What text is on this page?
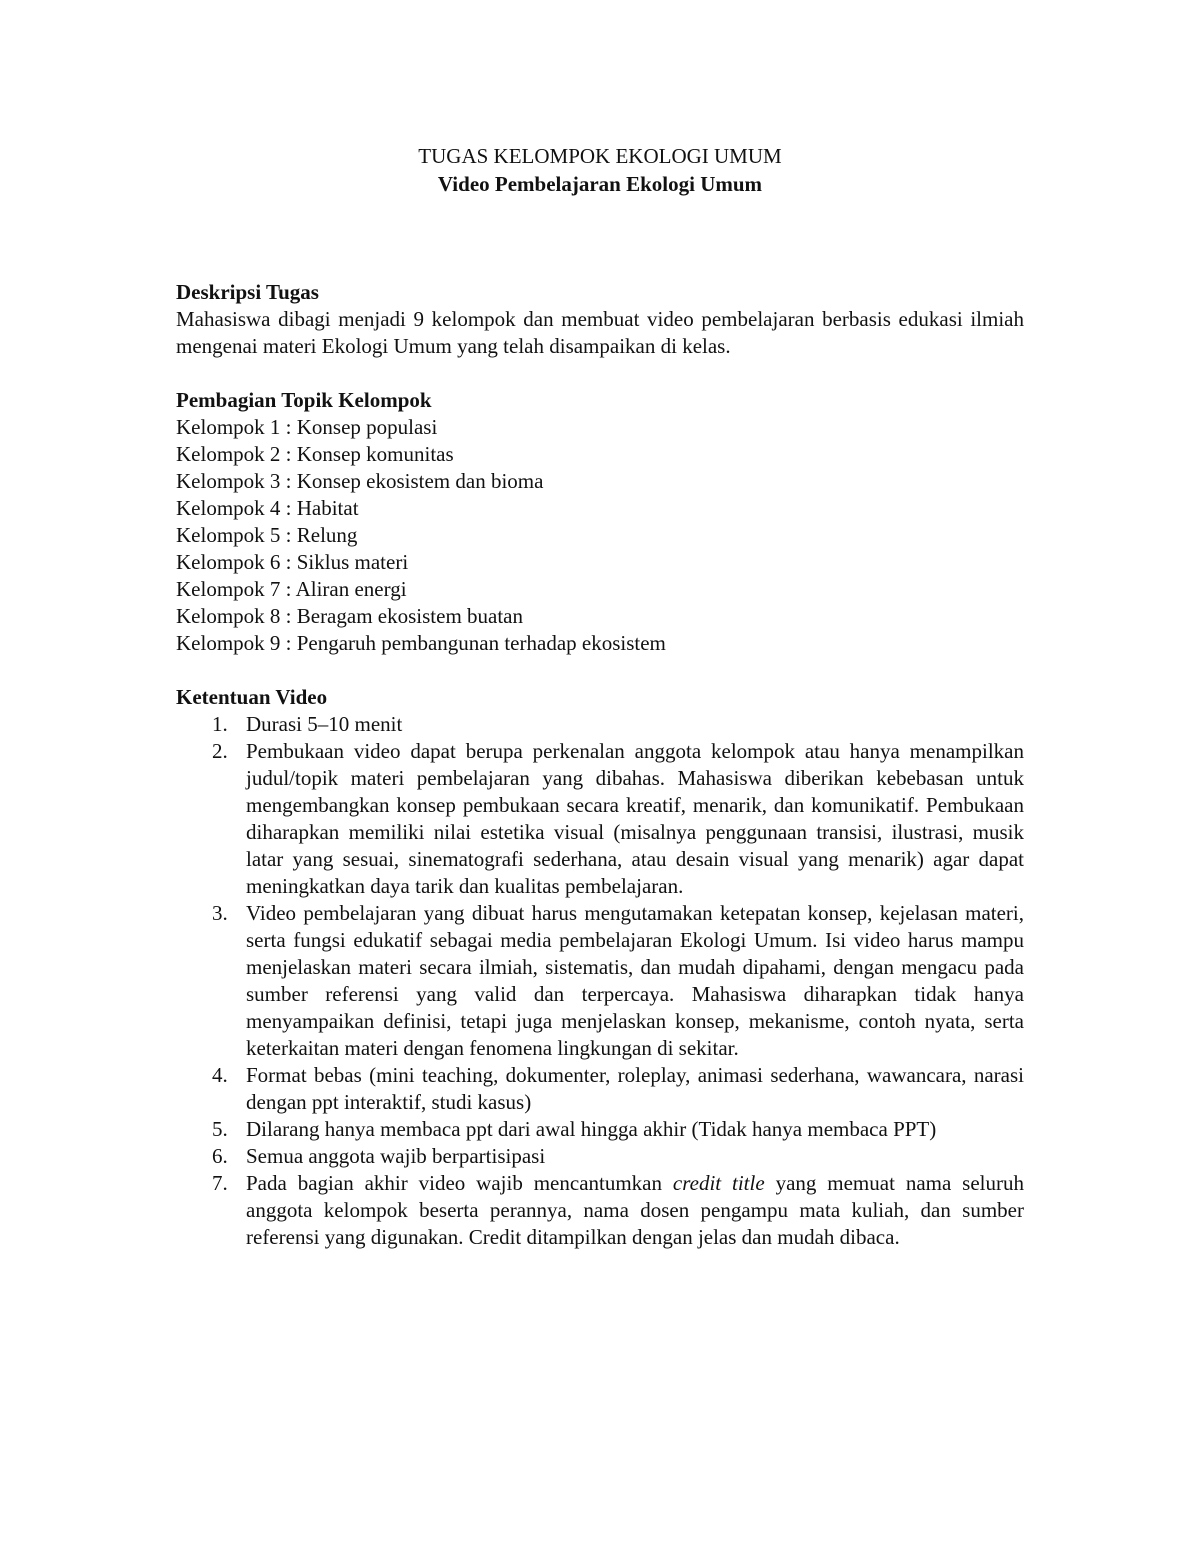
TUGAS KELOMPOK EKOLOGI UMUM

Video Pembelajaran Ekologi Umum

Deskripsi Tugas

Mahasiswa dibagi menjadi 9 kelompok dan membuat video pembelajaran berbasis edukasi ilmiah mengenai materi Ekologi Umum yang telah disampaikan di kelas.

Pembagian Topik Kelompok

Kelompok 1 : Konsep populasi
Kelompok 2 : Konsep komunitas
Kelompok 3 : Konsep ekosistem dan bioma
Kelompok 4 : Habitat
Kelompok 5 : Relung
Kelompok 6 : Siklus materi
Kelompok 7 : Aliran energi
Kelompok 8 : Beragam ekosistem buatan
Kelompok 9 : Pengaruh pembangunan terhadap ekosistem

Ketentuan Video

1. Durasi 5–10 menit
2. Pembukaan video dapat berupa perkenalan anggota kelompok atau hanya menampilkan judul/topik materi pembelajaran yang dibahas. Mahasiswa diberikan kebebasan untuk mengembangkan konsep pembukaan secara kreatif, menarik, dan komunikatif. Pembukaan diharapkan memiliki nilai estetika visual (misalnya penggunaan transisi, ilustrasi, musik latar yang sesuai, sinematografi sederhana, atau desain visual yang menarik) agar dapat meningkatkan daya tarik dan kualitas pembelajaran.
3. Video pembelajaran yang dibuat harus mengutamakan ketepatan konsep, kejelasan materi, serta fungsi edukatif sebagai media pembelajaran Ekologi Umum. Isi video harus mampu menjelaskan materi secara ilmiah, sistematis, dan mudah dipahami, dengan mengacu pada sumber referensi yang valid dan terpercaya. Mahasiswa diharapkan tidak hanya menyampaikan definisi, tetapi juga menjelaskan konsep, mekanisme, contoh nyata, serta keterkaitan materi dengan fenomena lingkungan di sekitar.
4. Format bebas (mini teaching, dokumenter, roleplay, animasi sederhana, wawancara, narasi dengan ppt interaktif, studi kasus)
5. Dilarang hanya membaca ppt dari awal hingga akhir (Tidak hanya membaca PPT)
6. Semua anggota wajib berpartisipasi
7. Pada bagian akhir video wajib mencantumkan credit title yang memuat nama seluruh anggota kelompok beserta perannya, nama dosen pengampu mata kuliah, dan sumber referensi yang digunakan. Credit ditampilkan dengan jelas dan mudah dibaca.
